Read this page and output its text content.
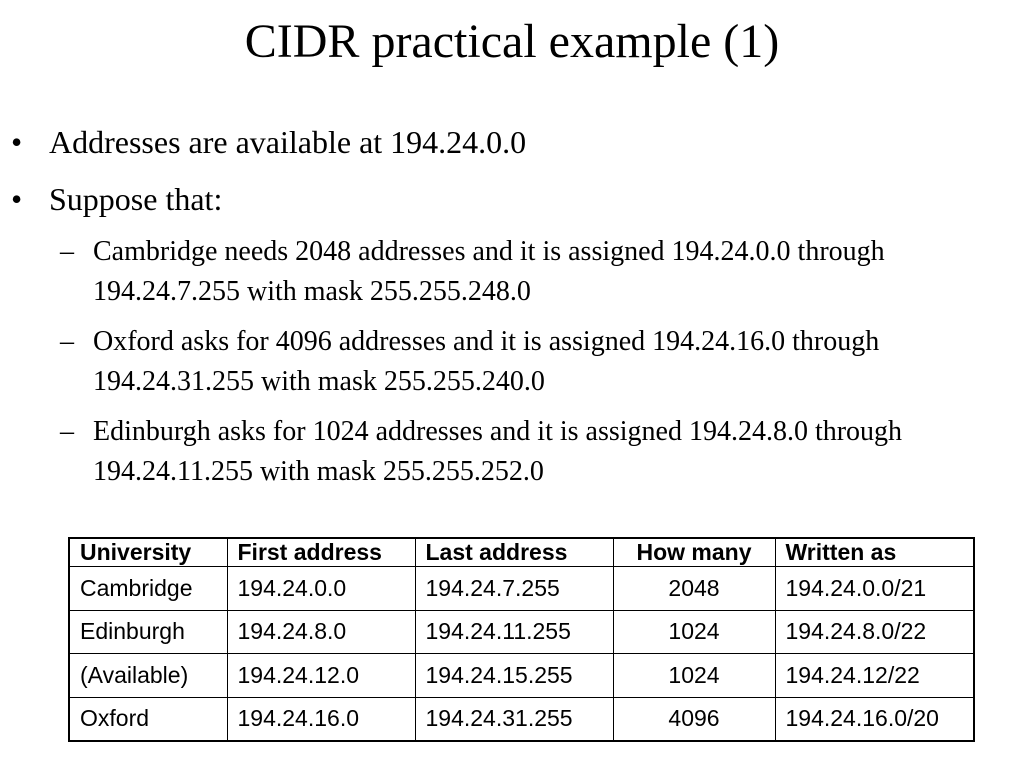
CIDR practical example (1)
• Addresses are available at 194.24.0.0
• Suppose that:
– Cambridge needs 2048 addresses and it is assigned 194.24.0.0 through 194.24.7.255 with mask 255.255.248.0
– Oxford asks for 4096 addresses and it is assigned 194.24.16.0 through 194.24.31.255 with mask 255.255.240.0
– Edinburgh asks for 1024 addresses and it is assigned 194.24.8.0 through 194.24.11.255 with mask 255.255.252.0
University	First address	Last address	How many	Written as
Cambridge	194.24.0.0	194.24.7.255	2048	194.24.0.0/21
Edinburgh	194.24.8.0	194.24.11.255	1024	194.24.8.0/22
(Available)	194.24.12.0	194.24.15.255	1024	194.24.12/22
Oxford	194.24.16.0	194.24.31.255	4096	194.24.16.0/20
